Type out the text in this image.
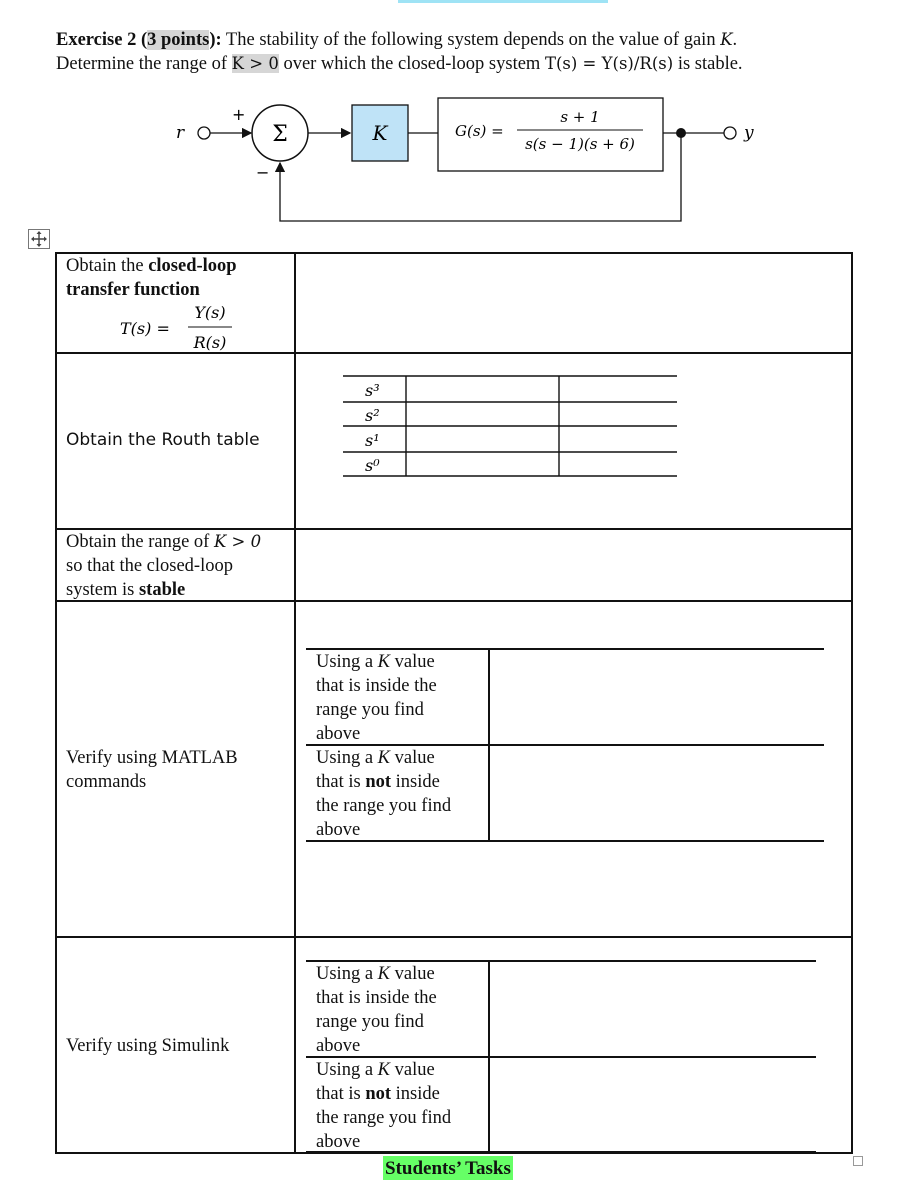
Exercise 2 (3 points): The stability of the following system depends on the value of gain K.
Determine the range of K > 0 over which the closed-loop system T(s) = Y(s)/R(s) is stable.
r
+
Σ
−
K	G(s) =
s + 1
s(s − 1)(s + 6)
y
Obtain the closed-loop
transfer function
T(s) =
Y(s)
R(s)
Obtain the Routh table
s³
s²
s¹
s⁰
Obtain the range of K > 0
so that the closed-loop
system is stable
Verify using MATLAB
commands
Using a K value
that is inside the
range you find
above
Using a K value
that is not inside
the range you find
above
Verify using Simulink
Using a K value
that is inside the
range you find
above
Using a K value
that is not inside
the range you find
above
Students’ Tasks
